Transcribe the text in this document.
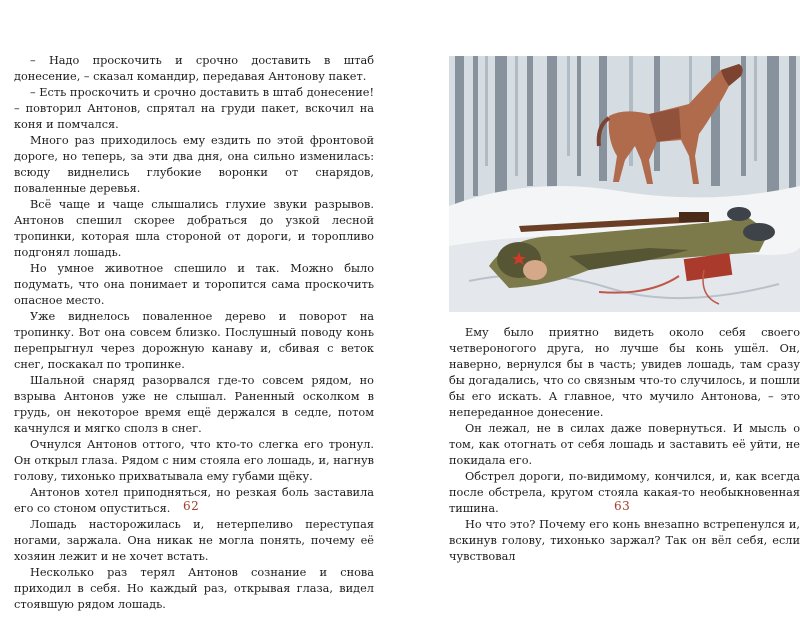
– Надо проскочить и срочно доставить в штаб донесение, – сказал командир, передавая Антонову пакет.

– Есть проскочить и срочно доставить в штаб донесение! – повторил Антонов, спрятал на груди пакет, вскочил на коня и помчался.

Много раз приходилось ему ездить по этой фронтовой дороге, но теперь, за эти два дня, она сильно изменилась: всюду виднелись глубокие воронки от снарядов, поваленные деревья.

Всё чаще и чаще слышались глухие звуки разрывов. Антонов спешил скорее добраться до узкой лесной тропинки, которая шла стороной от дороги, и торопливо подгонял лошадь.

Но умное животное спешило и так. Можно было подумать, что она понимает и торопится сама проскочить опасное место.

Уже виднелось поваленное дерево и поворот на тропинку. Вот она совсем близко. Послушный поводу конь перепрыгнул через дорожную канаву и, сбивая с веток снег, поскакал по тропинке.

Шальной снаряд разорвался где-то совсем рядом, но взрыва Антонов уже не слышал. Раненный осколком в грудь, он некоторое время ещё держался в седле, потом качнулся и мягко сполз в снег.

Очнулся Антонов оттого, что кто-то слегка его тронул. Он открыл глаза. Рядом с ним стояла его лошадь, и, нагнув голову, тихонько прихватывала ему губами щёку.

Антонов хотел приподняться, но резкая боль заставила его со стоном опуститься.

Лошадь насторожилась и, нетерпеливо переступая ногами, заржала. Она никак не могла понять, почему её хозяин лежит и не хочет встать.

Несколько раз терял Антонов сознание и снова приходил в себя. Но каждый раз, открывая глаза, видел стоявшую рядом лошадь.

62

Ему было приятно видеть около себя своего четвероногого друга, но лучше бы конь ушёл. Он, наверно, вернулся бы в часть; увидев лошадь, там сразу бы догадались, что со связным что-то случилось, и пошли бы его искать. А главное, что мучило Антонова, – это непереданное донесение.

Он лежал, не в силах даже повернуться. И мысль о том, как отогнать от себя лошадь и заставить её уйти, не покидала его.

Обстрел дороги, по-видимому, кончился, и, как всегда после обстрела, кругом стояла какая-то необыкновенная тишина.

Но что это? Почему его конь внезапно встрепенулся и, вскинув голову, тихонько заржал? Так он вёл себя, если чувствовал

63
